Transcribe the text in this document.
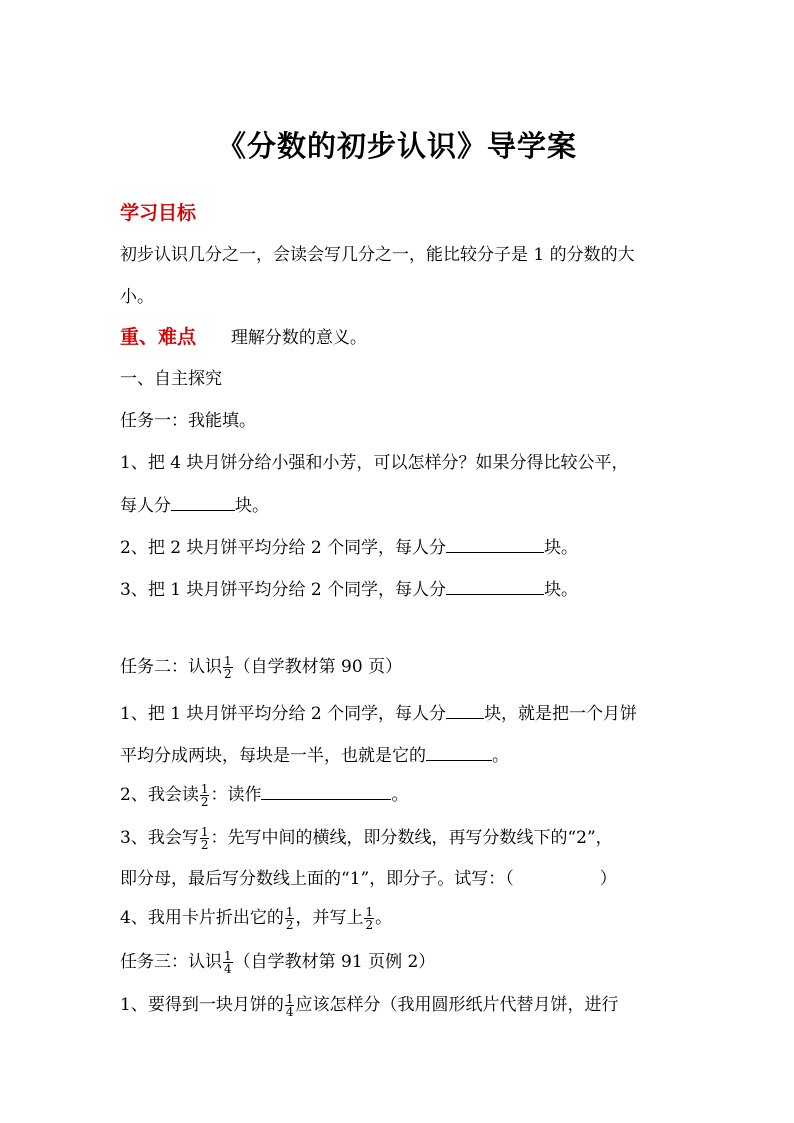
《分数的初步认识》导学案
学习目标
初步认识几分之一，会读会写几分之一，能比较分子是 1 的分数的大
小。
重、难点 理解分数的意义。
一、自主探究
任务一：我能填。
1、把 4 块月饼分给小强和小芳，可以怎样分？如果分得比较公平，
每人分	块。
2、把 2 块月饼平均分给 2 个同学，每人分	块。
3、把 1 块月饼平均分给 2 个同学，每人分	块。
任务二：认识 $\frac{1}{2}$ （自学教材第 90 页）
1、把 1 块月饼平均分给 2 个同学，每人分 块，就是把一个月饼
平均分成两块，每块是一半，也就是它的	。
2、我会读 $\frac{1}{2}$ ：读作	。
3、我会写 $\frac{1}{2}$ ：先写中间的横线，即分数线，再写分数线下的“2”，
即分母，最后写分数线上面的“1”，即分子。试写：（	）
4、我用卡片折出它的 $\frac{1}{2}$ ，并写上 $\frac{1}{2}$ 。
任务三：认识 $\frac{1}{4}$ （自学教材第 91 页例 2）
1、要得到一块月饼的 $\frac{1}{4}$ 应该怎样分（我用圆形纸片代替月饼，进行
